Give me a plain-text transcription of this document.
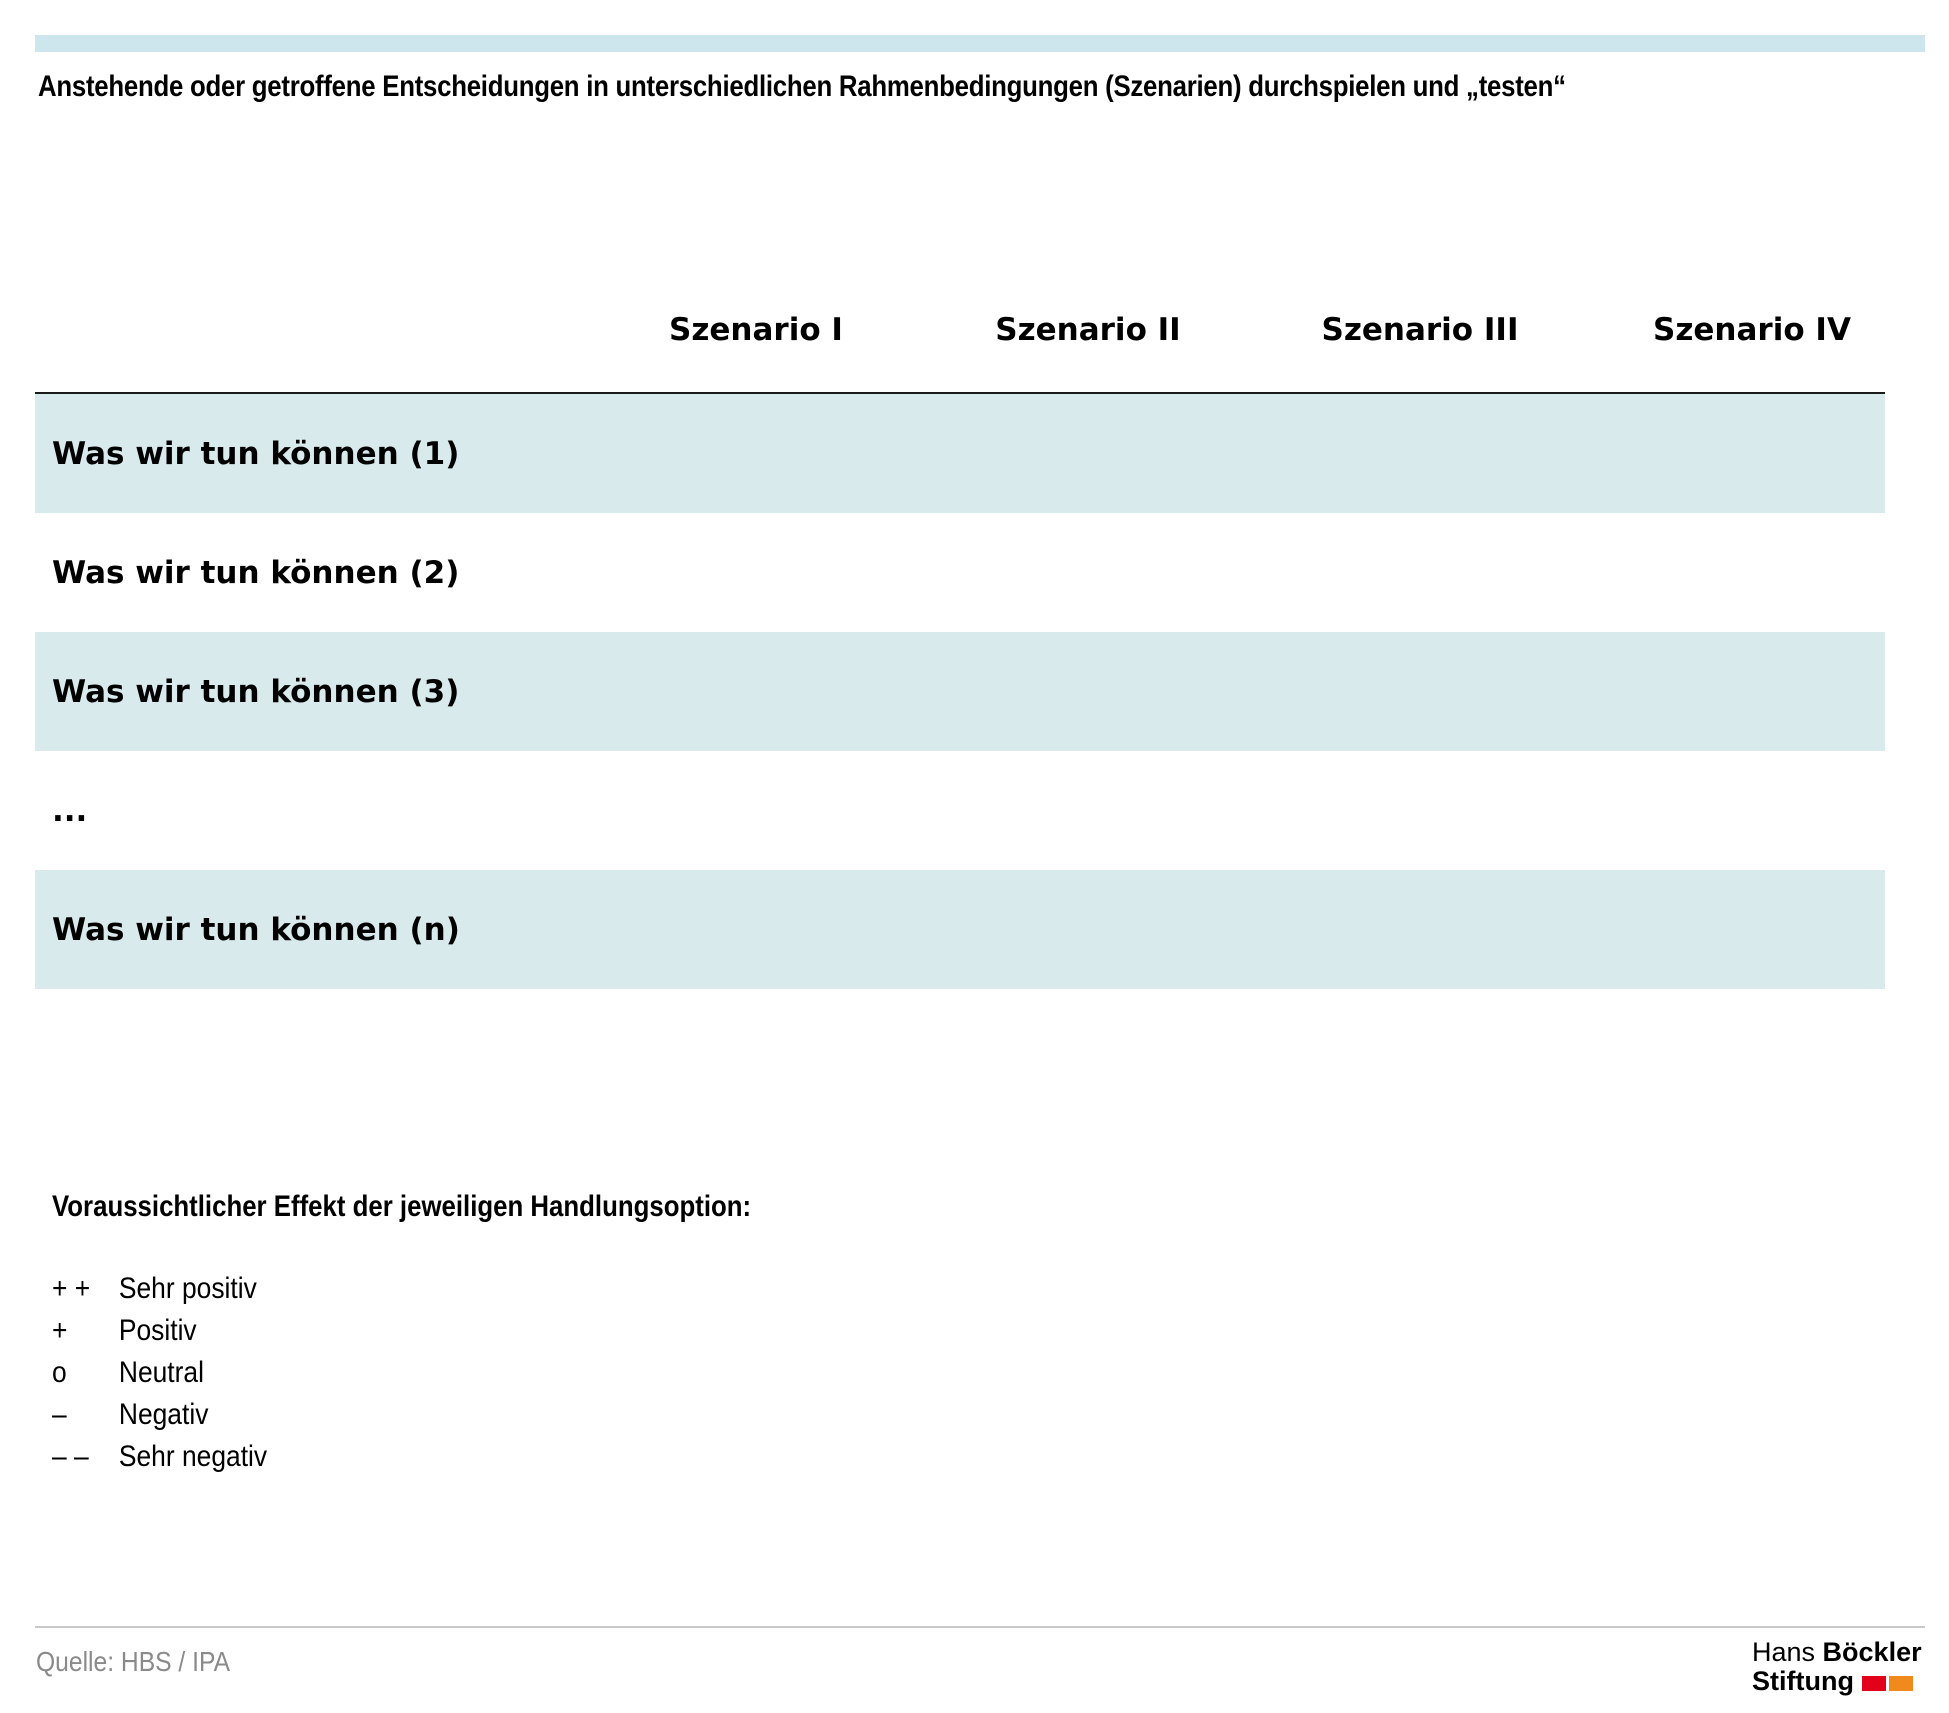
Anstehende oder getroffene Entscheidungen in unterschiedlichen Rahmenbedingungen (Szenarien) durchspielen und „testen“
Szenario I	Szenario II	Szenario III	Szenario IV
Was wir tun können (1)
Was wir tun können (2)
Was wir tun können (3)
...
Was wir tun können (n)
Voraussichtlicher Effekt der jeweiligen Handlungsoption:
+ + Sehr positiv
+	Positiv
o	Neutral
–	Negativ
– –	Sehr negativ
Quelle: HBS / IPA	Hans Böckler
Stiftung
